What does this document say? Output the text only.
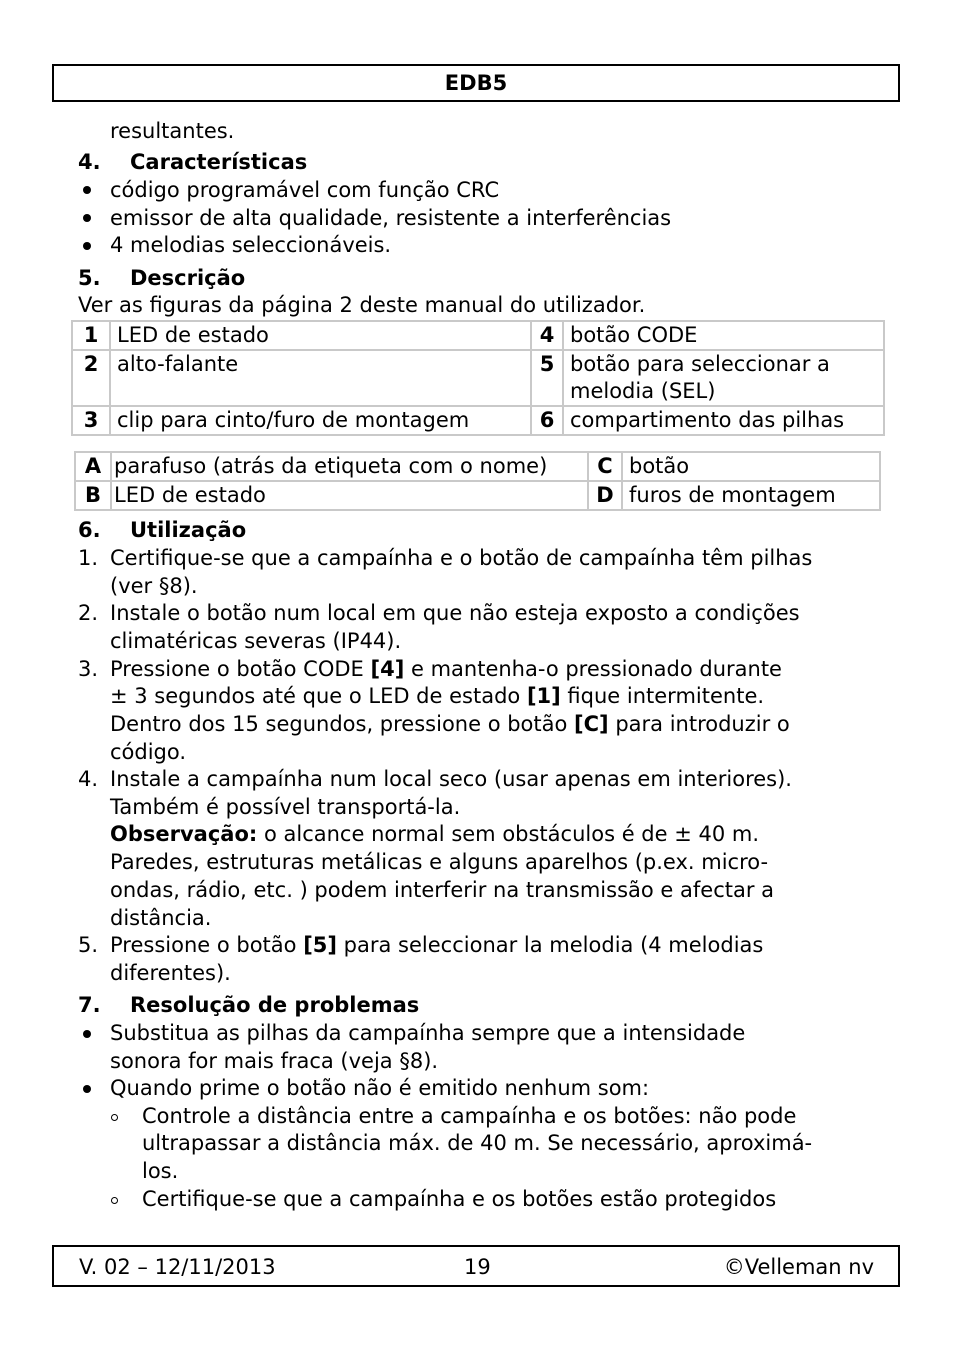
EDB5
resultantes.
4. Características
código programável com função CRC
emissor de alta qualidade, resistente a interferências
4 melodias seleccionáveis.
5. Descrição
Ver as figuras da página 2 deste manual do utilizador.
1	LED de estado	4	botão CODE
2	alto-falante	5	botão para seleccionar a
melodia (SEL)

3	clip para cinto/furo de montagem	6	compartimento das pilhas
A	parafuso (atrás da etiqueta com o nome)	C	botão
B	LED de estado	D	furos de montagem
6. Utilização
1. Certifique-se que a campaínha e o botão de campaínha têm pilhas
(ver §8).
2. Instale o botão num local em que não esteja exposto a condições
climatéricas severas (IP44).
3. Pressione o botão CODE [4] e mantenha-o pressionado durante
± 3 segundos até que o LED de estado [1] fique intermitente.
Dentro dos 15 segundos, pressione o botão [C] para introduzir o
código.
4. Instale a campaínha num local seco (usar apenas em interiores).
Também é possível transportá-la.
Observação: o alcance normal sem obstáculos é de ± 40 m.
Paredes, estruturas metálicas e alguns aparelhos (p.ex. micro-
ondas, rádio, etc. ) podem interferir na transmissão e afectar a
distância.
5. Pressione o botão [5] para seleccionar la melodia (4 melodias
diferentes).
7. Resolução de problemas
Substitua as pilhas da campaínha sempre que a intensidade
sonora for mais fraca (veja §8).
Quando prime o botão não é emitido nenhum som:
Controle a distância entre a campaínha e os botões: não pode
ultrapassar a distância máx. de 40 m. Se necessário, aproximá-
los.
Certifique-se que a campaínha e os botões estão protegidos
V. 02 – 12/11/2013	19	©Velleman nv
